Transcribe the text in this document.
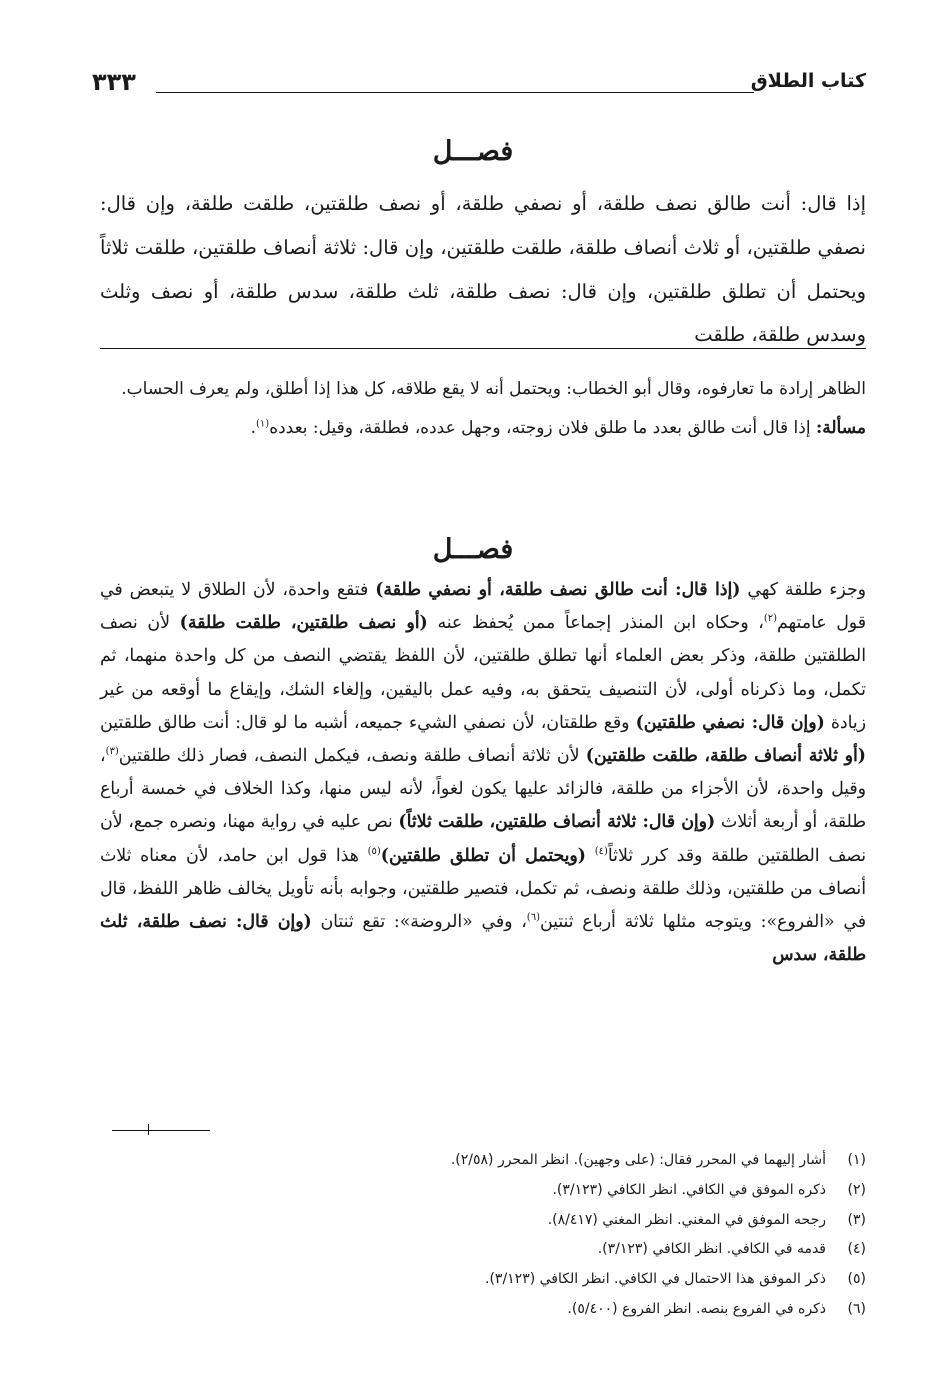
كتاب الطلاق
٣٣٣
فصـــل

إذا قال: أنت طالق نصف طلقة، أو نصفي طلقة، أو نصف طلقتين، طلقت طلقة، وإن قال: نصفي طلقتين، أو ثلاث أنصاف طلقة، طلقت طلقتين، وإن قال: ثلاثة أنصاف طلقتين، طلقت ثلاثاً ويحتمل أن تطلق طلقتين، وإن قال: نصف طلقة، ثلث طلقة، سدس طلقة، أو نصف وثلث وسدس طلقة، طلقت

الظاهر إرادة ما تعارفوه، وقال أبو الخطاب: ويحتمل أنه لا يقع طلاقه، كل هذا إذا أطلق، ولم يعرف الحساب.

مسألة: إذا قال أنت طالق بعدد ما طلق فلان زوجته، وجهل عدده، فطلقة، وقيل: بعدده$^{(١)}$.

فصـــل

وجزء طلقة كهي (إذا قال: أنت طالق نصف طلقة، أو نصفي طلقة) فتقع واحدة، لأن الطلاق لا يتبعض في قول عامتهم$^{(٢)}$، وحكاه ابن المنذر إجماعاً ممن يُحفظ عنه (أو نصف طلقتين، طلقت طلقة) لأن نصف الطلقتين طلقة، وذكر بعض العلماء أنها تطلق طلقتين، لأن اللفظ يقتضي النصف من كل واحدة منهما، ثم تكمل، وما ذكرناه أولى، لأن التنصيف يتحقق به، وفيه عمل باليقين، وإلغاء الشك، وإيقاع ما أوقعه من غير زيادة (وإن قال: نصفي طلقتين) وقع طلقتان، لأن نصفي الشيء جميعه، أشبه ما لو قال: أنت طالق طلقتين (أو ثلاثة أنصاف طلقة، طلقت طلقتين) لأن ثلاثة أنصاف طلقة ونصف، فيكمل النصف، فصار ذلك طلقتين$^{(٣)}$، وقيل واحدة، لأن الأجزاء من طلقة، فالزائد عليها يكون لغواً، لأنه ليس منها، وكذا الخلاف في خمسة أرباع طلقة، أو أربعة أثلاث (وإن قال: ثلاثة أنصاف طلقتين، طلقت ثلاثاً) نص عليه في رواية مهنا، ونصره جمع، لأن نصف الطلقتين طلقة وقد كرر ثلاثاً$^{(٤)}$ (ويحتمل أن تطلق طلقتين)$^{(٥)}$ هذا قول ابن حامد، لأن معناه ثلاث أنصاف من طلقتين، وذلك طلقة ونصف، ثم تكمل، فتصير طلقتين، وجوابه بأنه تأويل يخالف ظاهر اللفظ، قال في «الفروع»: ويتوجه مثلها ثلاثة أرباع ثنتين$^{(٦)}$، وفي «الروضة»: تقع ثنتان (وإن قال: نصف طلقة، ثلث طلقة، سدس

(١)أشار إليهما في المحرر فقال: (على وجهين). انظر المحرر (٢/٥٨).
(٢)ذكره الموفق في الكافي. انظر الكافي (٣/١٢٣).
(٣)رجحه الموفق في المغني. انظر المغني (٨/٤١٧).
(٤)قدمه في الكافي. انظر الكافي (٣/١٢٣).
(٥)ذكر الموفق هذا الاحتمال في الكافي. انظر الكافي (٣/١٢٣).
(٦)ذكره في الفروع بنصه. انظر الفروع (٥/٤٠٠).
